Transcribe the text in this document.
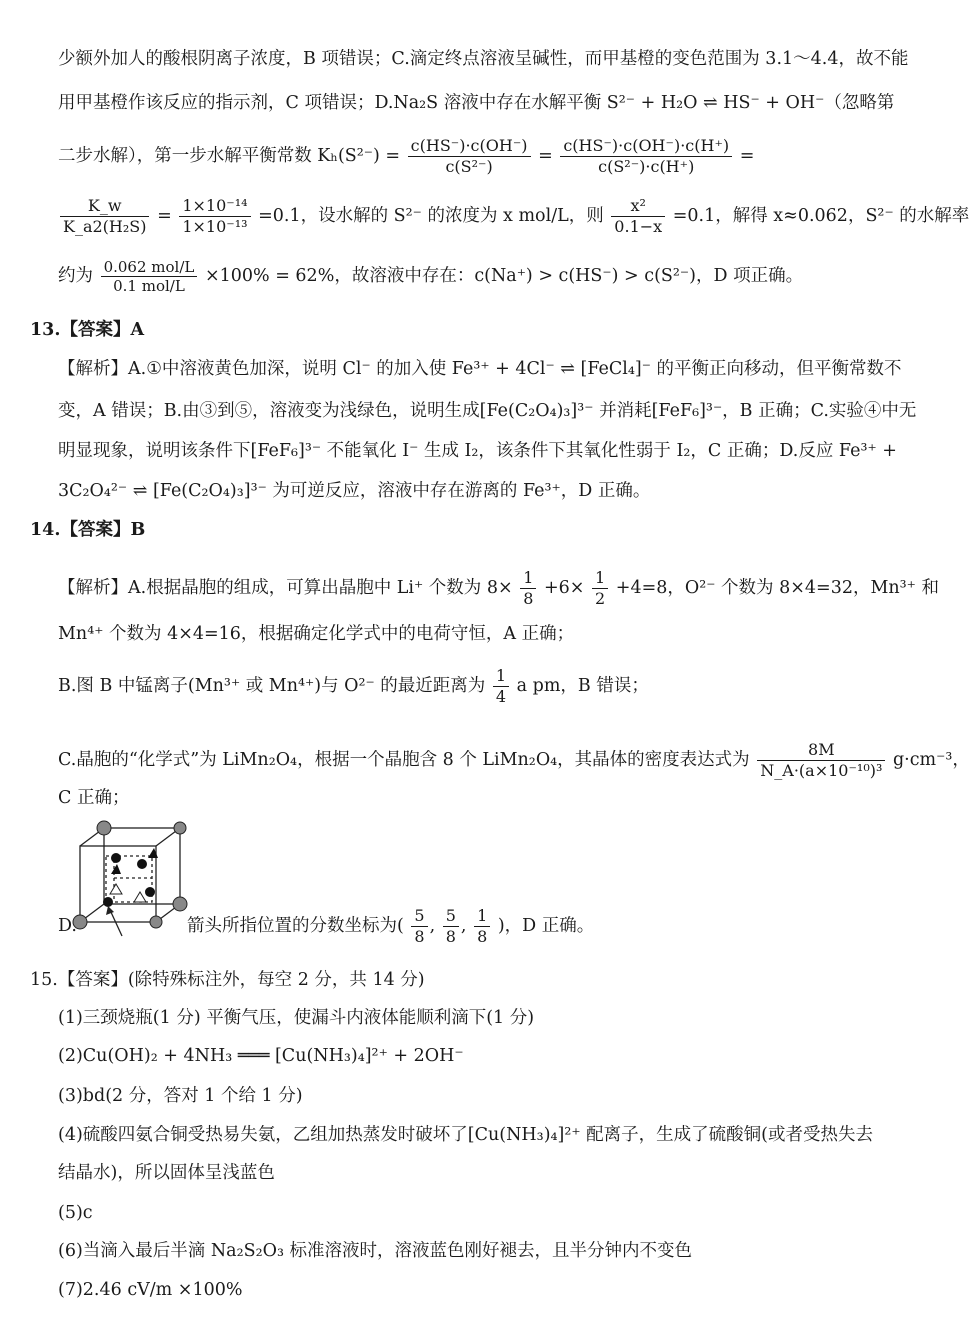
少额外加人的酸根阴离子浓度，B 项错误；C.滴定终点溶液呈碱性，而甲基橙的变色范围为 3.1～4.4，故不能
用甲基橙作该反应的指示剂，C 项错误；D.Na₂S 溶液中存在水解平衡 S²⁻ + H₂O ⇌ HS⁻ + OH⁻（忽略第
二步水解），第一步水解平衡常数 $K_h(S^{2-}) = \frac{c(HS^-)\cdot c(OH^-)}{\text{c(S²⁻)}} = \frac{c(HS^-)\cdot c(OH^-)\cdot c(H^+)}{\text{c(S²⁻)·c(H⁺)}}$ =
$\frac{K\_w}{\text{K\_a2(H₂S)}} = \frac{\text{1×10⁻¹⁴}}{\text{1×10⁻¹³}} =0.1$，设水解的 S²⁻ 的浓度为 x mol/L，则 $\frac{\text{x²}}{0.1-x} =0.1$，解得 x≈0.062，S²⁻ 的水解率
约为 $\frac{\text{0.062 mol/L}}{\text{0.1 mol/L}} \times 100\% = 62\%$，故溶液中存在：c(Na⁺) > c(HS⁻) > c(S²⁻)，D 项正确。
13.【答案】A
【解析】A.①中溶液黄色加深，说明 Cl⁻ 的加入使 Fe³⁺ + 4Cl⁻ ⇌ [FeCl₄]⁻ 的平衡正向移动，但平衡常数不
变，A 错误；B.由③到⑤，溶液变为浅绿色，说明生成[Fe(C₂O₄)₃]³⁻ 并消耗[FeF₆]³⁻，B 正确；C.实验④中无
明显现象，说明该条件下[FeF₆]³⁻ 不能氧化 I⁻ 生成 I₂，该条件下其氧化性弱于 I₂，C 正确；D.反应 Fe³⁺ +
3C₂O₄²⁻ ⇌ [Fe(C₂O₄)₃]³⁻ 为可逆反应，溶液中存在游离的 Fe³⁺，D 正确。
14.【答案】B
【解析】A.根据晶胞的组成，可算出晶胞中 Li⁺ 个数为 $8\times \frac{1}{8} +6\times \frac{1}{2} +4=8$，O²⁻ 个数为 8×4=32，Mn³⁺ 和
Mn⁴⁺ 个数为 4×4=16，根据确定化学式中的电荷守恒，A 正确；
B.图 B 中锰离子(Mn³⁺ 或 Mn⁴⁺)与 O²⁻ 的最近距离为 $\frac{1}{4}$ a pm，B 错误；
C.晶胞的“化学式”为 LiMn₂O₄，根据一个晶胞含 8 个 LiMn₂O₄，其晶体的密度表达式为 $\frac{8M}{\text{N\_A·(a×10⁻¹⁰)³}} g\cdot cm^{-3}$，
C 正确；
D.	箭头所指位置的分数坐标为( $\frac{5}{8}$ , $\frac{5}{8}$ , $\frac{1}{8}$ )，D 正确。
15.【答案】(除特殊标注外，每空 2 分，共 14 分)
(1)三颈烧瓶(1 分) 平衡气压，使漏斗内液体能顺利滴下(1 分)
(2)Cu(OH)₂ + 4NH₃ ═══ [Cu(NH₃)₄]²⁺ + 2OH⁻
(3)bd(2 分，答对 1 个给 1 分)
(4)硫酸四氨合铜受热易失氨，乙组加热蒸发时破坏了[Cu(NH₃)₄]²⁺ 配离子，生成了硫酸铜(或者受热失去
结晶水)，所以固体呈浅蓝色
(5)c
(6)当滴入最后半滴 Na₂S₂O₃ 标准溶液时，溶液蓝色刚好褪去，且半分钟内不变色
(7)2.46 cV/m ×100%
